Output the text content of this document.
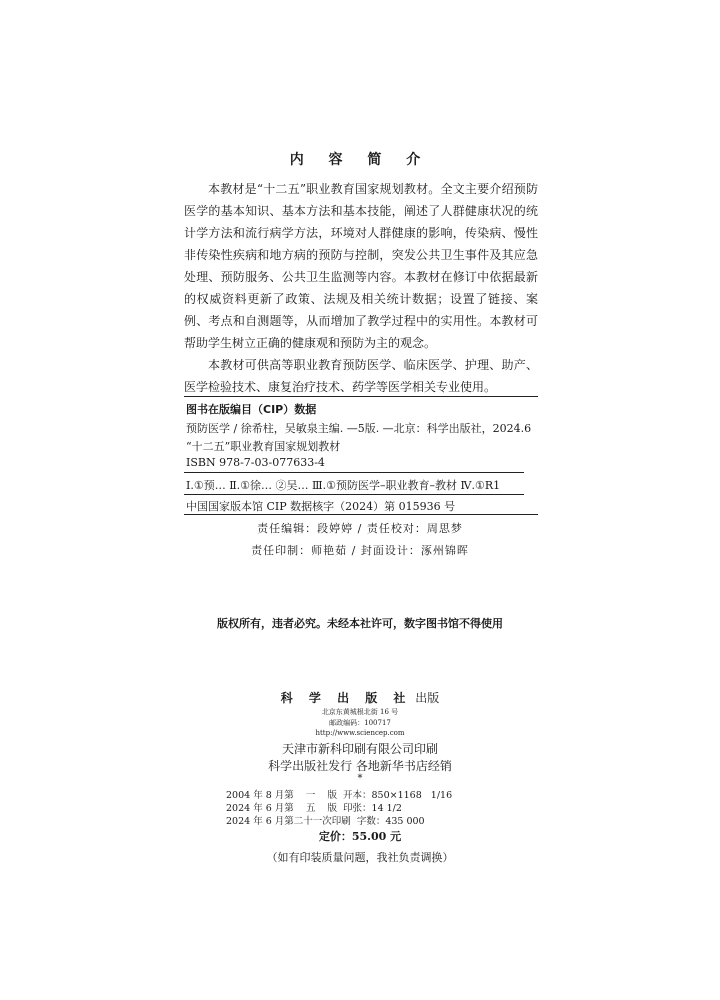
内 容 简 介

本教材是“十二五”职业教育国家规划教材。全文主要介绍预防医学的基本知识、基本方法和基本技能，阐述了人群健康状况的统计学方法和流行病学方法，环境对人群健康的影响，传染病、慢性非传染性疾病和地方病的预防与控制，突发公共卫生事件及其应急处理、预防服务、公共卫生监测等内容。本教材在修订中依据最新的权威资料更新了政策、法规及相关统计数据；设置了链接、案例、考点和自测题等，从而增加了教学过程中的实用性。本教材可帮助学生树立正确的健康观和预防为主的观念。

本教材可供高等职业教育预防医学、临床医学、护理、助产、医学检验技术、康复治疗技术、药学等医学相关专业使用。

图书在版编目（CIP）数据
预防医学 / 徐希柱，吴敏泉主编. —5版. —北京：科学出版社，2024.6
“十二五”职业教育国家规划教材
ISBN 978-7-03-077633-4
Ⅰ.①预… Ⅱ.①徐… ②吴… Ⅲ.①预防医学–职业教育–教材 Ⅳ.①R1
中国国家版本馆 CIP 数据核字（2024）第 015936 号
责任编辑：段婷婷 / 责任校对：周思梦
责任印制：师艳茹 / 封面设计：涿州锦晖
版权所有，违者必究。未经本社许可，数字图书馆不得使用
科 学 出 版 社 出版
北京东黄城根北街 16 号
邮政编码：100717
http://www.sciencep.com
天津市新科印刷有限公司印刷
科学出版社发行 各地新华书店经销
*
2004 年 8 月第    一    版  开本：850×1168   1/16
2024 年 6 月第    五    版  印张：14 1/2
2024 年 6 月第二十一次印刷  字数：435 000
定价：55.00 元
（如有印装质量问题，我社负责调换）
